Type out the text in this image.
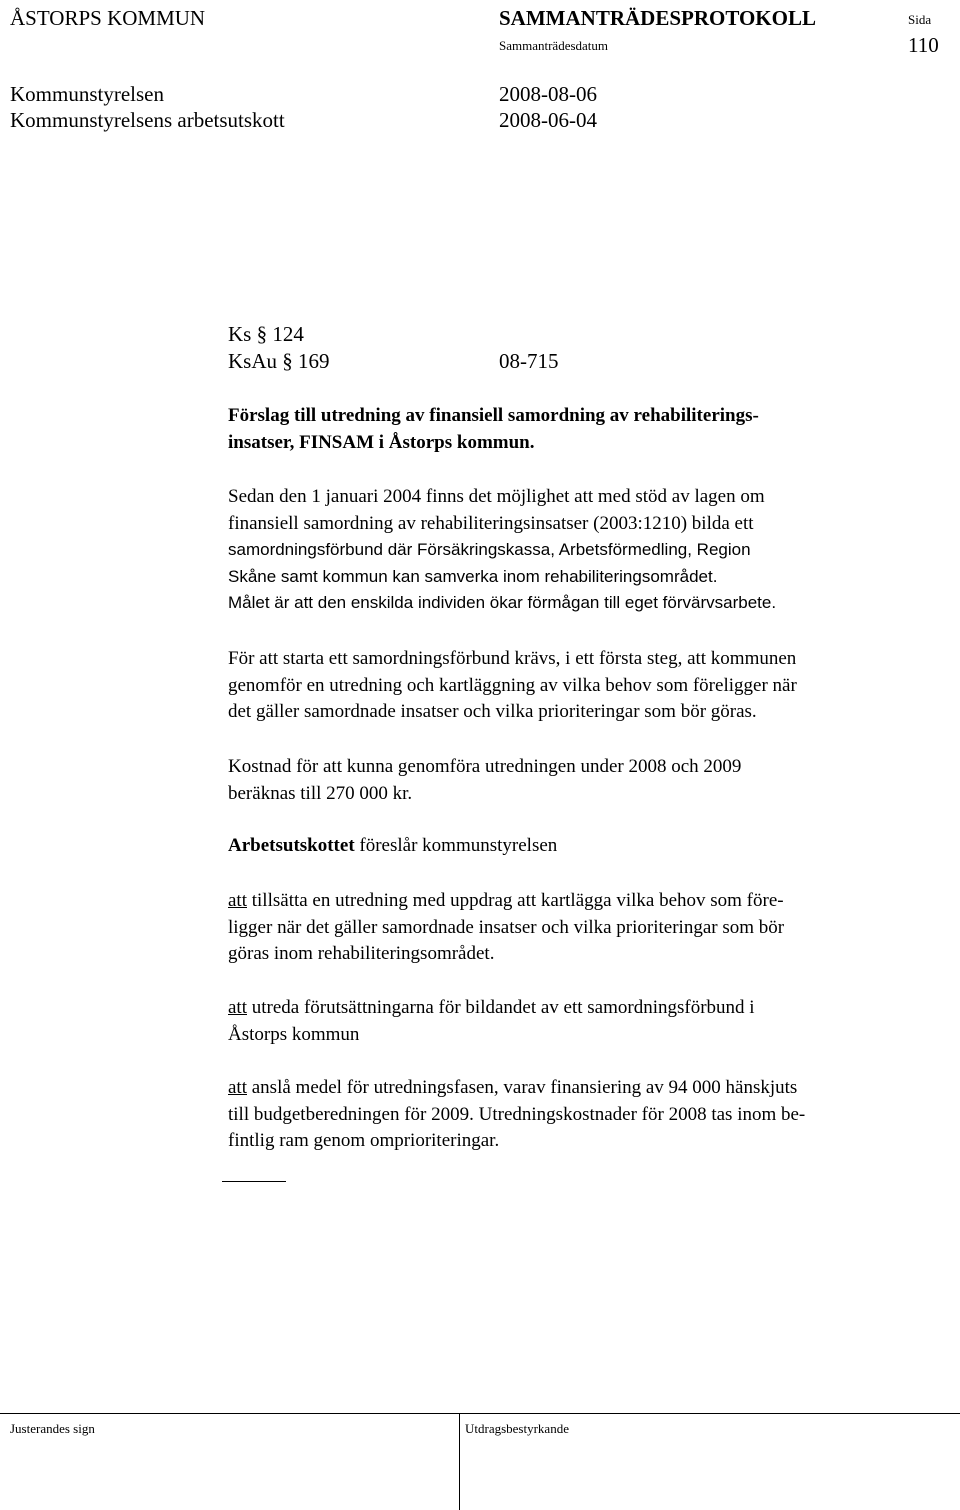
ÅSTORPS KOMMUN	SAMMANTRÄDESPROTOKOLL	Sida
Sammanträdesdatum	110
Kommunstyrelsen	2008-08-06
Kommunstyrelsens arbetsutskott	2008-06-04
Ks § 124
KsAu § 169	08-715
Förslag till utredning av finansiell samordning av rehabiliterings-
insatser, FINSAM i Åstorps kommun.
Sedan den 1 januari 2004 finns det möjlighet att med stöd av lagen om
finansiell samordning av rehabiliteringsinsatser (2003:1210) bilda ett
samordningsförbund där Försäkringskassa, Arbetsförmedling, Region
Skåne samt kommun kan samverka inom rehabiliteringsområdet.
Målet är att den enskilda individen ökar förmågan till eget förvärvsarbete.
För att starta ett samordningsförbund krävs, i ett första steg, att kommunen
genomför en utredning och kartläggning av vilka behov som föreligger när
det gäller samordnade insatser och vilka prioriteringar som bör göras.
Kostnad för att kunna genomföra utredningen under 2008 och 2009
beräknas till 270 000 kr.
Arbetsutskottet föreslår kommunstyrelsen
att tillsätta en utredning med uppdrag att kartlägga vilka behov som före-
ligger när det gäller samordnade insatser och vilka prioriteringar som bör
göras inom rehabiliteringsområdet.
att utreda förutsättningarna för bildandet av ett samordningsförbund i
Åstorps kommun
att anslå medel för utredningsfasen, varav finansiering av 94 000 hänskjuts
till budgetberedningen för 2009. Utredningskostnader för 2008 tas inom be-
fintlig ram genom omprioriteringar.
Justerandes sign	Utdragsbestyrkande
